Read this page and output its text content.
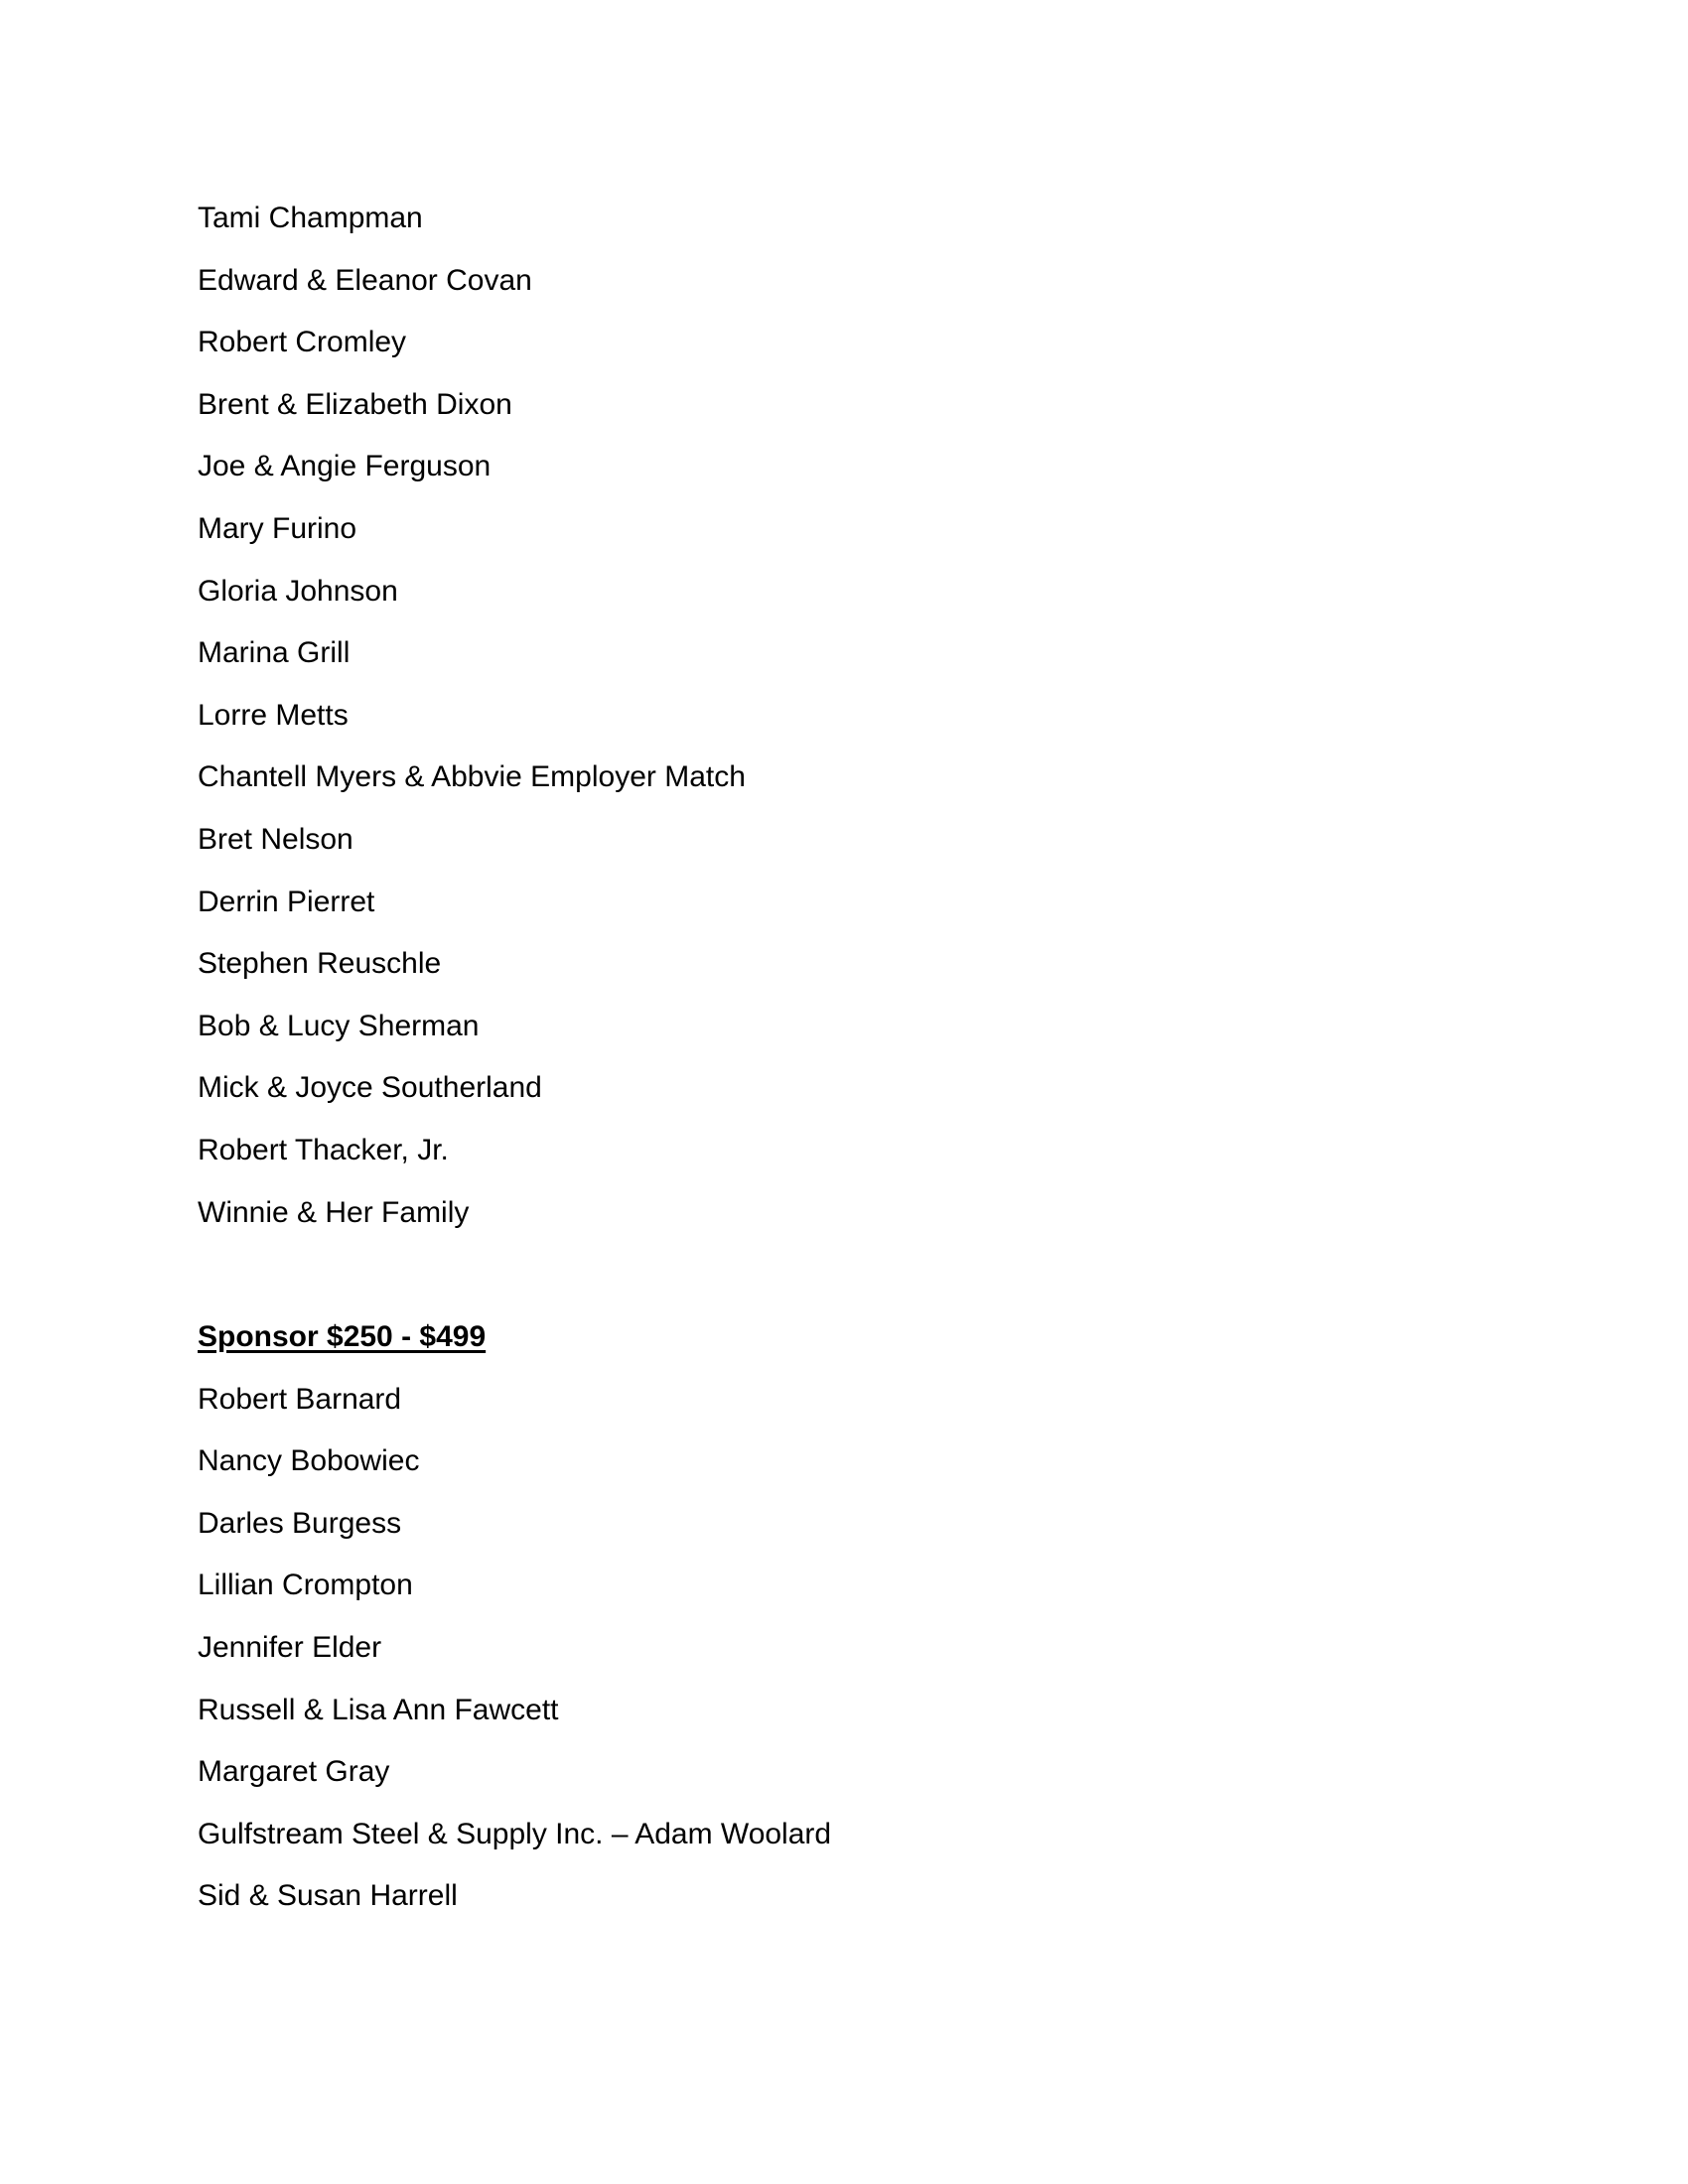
Tami Champman
Edward & Eleanor Covan
Robert Cromley
Brent & Elizabeth Dixon
Joe & Angie Ferguson
Mary Furino
Gloria Johnson
Marina Grill
Lorre Metts
Chantell Myers & Abbvie Employer Match
Bret Nelson
Derrin Pierret
Stephen Reuschle
Bob & Lucy Sherman
Mick & Joyce Southerland
Robert Thacker, Jr.
Winnie & Her Family
Sponsor $250 - $499
Robert Barnard
Nancy Bobowiec
Darles Burgess
Lillian Crompton
Jennifer Elder
Russell & Lisa Ann Fawcett
Margaret Gray
Gulfstream Steel & Supply Inc. – Adam Woolard
Sid & Susan Harrell
